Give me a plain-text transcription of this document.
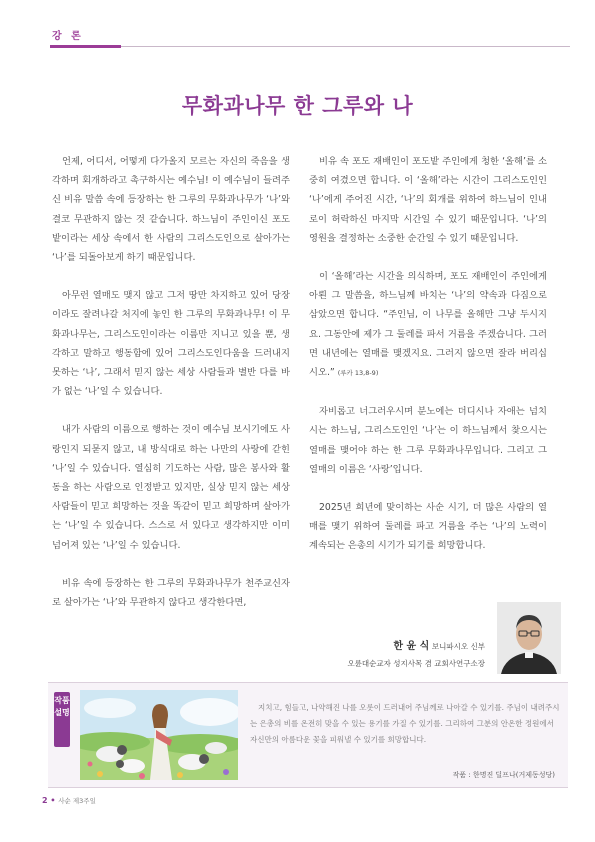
강 론
무화과나무 한 그루와 나

언제, 어디서, 어떻게 다가올지 모르는 자신의 죽음을 생각하며 회개하라고 촉구하시는 예수님! 이 예수님이 들려주신 비유 말씀 속에 등장하는 한 그루의 무화과나무가 ‘나’와 결코 무관하지 않는 것 같습니다. 하느님이 주인이신 포도밭이라는 세상 속에서 한 사람의 그리스도인으로 살아가는 ‘나’를 되돌아보게 하기 때문입니다.

아무런 열매도 맺지 않고 그저 땅만 차지하고 있어 당장이라도 잘려나갈 처지에 놓인 한 그루의 무화과나무! 이 무화과나무는, 그리스도인이라는 이름만 지니고 있을 뿐, 생각하고 말하고 행동함에 있어 그리스도인다움을 드러내지 못하는 ‘나’, 그래서 믿지 않는 세상 사람들과 별반 다를 바가 없는 ‘나’일 수 있습니다.

내가 사람의 이름으로 행하는 것이 예수님 보시기에도 사랑인지 되묻지 않고, 내 방식대로 하는 나만의 사랑에 갇힌 ‘나’일 수 있습니다. 열심히 기도하는 사람, 많은 봉사와 활동을 하는 사람으로 인정받고 있지만, 실상 믿지 않는 세상 사람들이 믿고 희망하는 것을 똑같이 믿고 희망하며 살아가는 ‘나’일 수 있습니다. 스스로 서 있다고 생각하지만 이미 넘어져 있는 ‘나’일 수 있습니다.

비유 속에 등장하는 한 그루의 무화과나무가 천주교신자로 살아가는 ‘나’와 무관하지 않다고 생각한다면,

비유 속 포도 재배인이 포도밭 주인에게 청한 ‘올해’를 소중히 여겼으면 합니다. 이 ‘올해’라는 시간이 그리스도인인 ‘나’에게 주어진 시간, ‘나’의 회개를 위하여 하느님이 인내로이 허락하신 마지막 시간일 수 있기 때문입니다. ‘나’의 영원을 결정하는 소중한 순간일 수 있기 때문입니다.

이 ‘올해’라는 시간을 의식하며, 포도 재배인이 주인에게 아뢴 그 말씀을, 하느님께 바치는 ‘나’의 약속과 다짐으로 삼았으면 합니다. “주인님, 이 나무를 올해만 그냥 두시지요. 그동안에 제가 그 둘레를 파서 거름을 주겠습니다. 그러면 내년에는 열매를 맺겠지요. 그러지 않으면 잘라 버리십시오.” (루카 13,8-9)

자비롭고 너그러우시며 분노에는 더디시나 자애는 넘치시는 하느님, 그리스도인인 ‘나’는 이 하느님께서 찾으시는 열매를 맺어야 하는 한 그루 무화과나무입니다. 그리고 그 열매의 이름은 ‘사랑’입니다.

2025년 희년에 맞이하는 사순 시기, 더 많은 사람의 열매를 맺기 위하여 둘레를 파고 거름을 주는 ‘나’의 노력이 계속되는 은총의 시기가 되기를 희망합니다.

한 윤 식 보니파시오 신부
오륜대순교자 성지사목 겸 교회사연구소장
작품 설명
지치고, 힘들고, 나약해진 나를 오롯이 드러내어 주님께로 나아갈 수 있기를. 주님이 내려주시는 은총의 비를 온전히 맞을 수 있는 용기를 가질 수 있기를. 그리하여 그분의 안온한 정원에서 자신만의 아름다운 꽃을 피워낼 수 있기를 희망합니다.
작품 : 한명진 딜프나(거제동성당)
2 • 사순 제3주일
